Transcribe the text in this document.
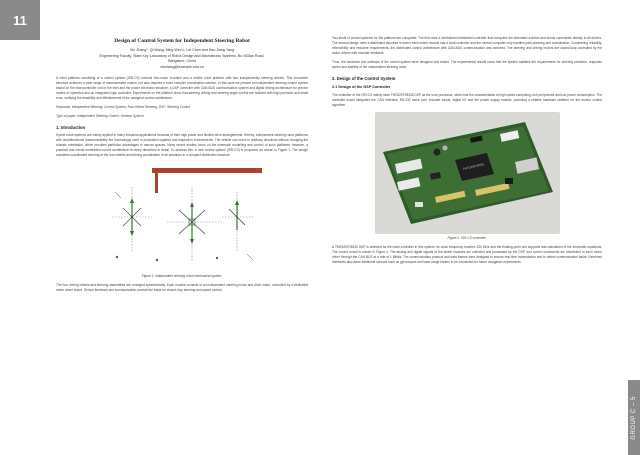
11
GROUP C – 5
Design of Control System for Independent Steering Robot
Xin Zhang*, Qi Wang, Ming Wei Li, Lei Chen and Hao Jiang Yang
Engineering Faculty, State Key Laboratory of Robot Design and Mechatronic Systems, Bo XiDian Road,
Bangalore, China
xinzhang@example.edu.cn

A robot platform consisting of a control system (ISR-CS) controls four-motor in-wheel and a mobile robot platform with four independently steering wheels. This innovative structure achieves a wide range of maneuverable motion, but also requires a more complex coordination solution. In this work we present an independent steering control system based on the microcontroller unit of the Intel and the power electronic structure; a DSP controller with CAN-BUS communication system and digital driving architecture for precise modes of operation and an integrated logic controller. Experiments on the platform show that steering driving and steering angle control are realized with high precision and small error, verifying the feasibility and effectiveness of the designed control architecture.

Keywords: Independent Steering; Control System; Four-Wheel Steering; DSP; Steering Control
Type of paper: Independent Steering Control; General System.
1. Introduction

Hybrid robot systems are widely applied in many industrial applications because of their high power and flexible drive arrangements. Hereby, independent steering robot platforms with omnidirectional maneuverability are increasingly used in production logistics and inspection environments. The vehicle can move in arbitrary directions without changing the chassis orientation, which provides particular advantages in narrow spaces. Many recent studies focus on the kinematic modelling and control of such platforms; however, a practical and robust embedded control architecture is rarely described in detail. To address this, a new control system (ISR-CS) is proposed, as shown in Figure 1. The design considers coordinated steering of the four wheels and driving coordination of all actuators in a compact distributed structure.

Figure 1. Independent steering robot mechanical system.

The four driving wheels and steering assemblies are arranged symmetrically. Each module consists of an independent steering motor and drive motor, controlled by a dedicated motor driver board. Sensor feedback and communication provide the basis for closed-loop steering and speed control.

Two kinds of control systems for the platform are compared. The first uses a centralized embedded controller that computes the kinematic solution and sends commands directly to all drivers. The second design uses a distributed structure in which each wheel module has a local controller and the central computer only handles path planning and coordination. Considering reliability, extensibility and real-time requirements, the distributed control architecture with CAN-BUS communication was selected. The steering and driving motors are closed-loop controlled by the motor drivers with encoder feedback.

Thus, the hardware and software of the control system were designed and tested. The experimental results show that the system satisfies the requirements for steering precision, response speed and stability of the independent steering robot.

2. Design of the Control System
2.1 Design of the DSP Controller

The controller of the ISR-CS mainly uses TMS320F28335 DSP as the core processor, which has the characteristics of high speed computing, rich peripherals and low power consumption. The controller board integrates the CAN interface, RS-232 serial port, encoder inputs, digital I/O and the power supply module, providing a reliable hardware platform for the motion control algorithm.

TMS320F28335
Figure 2. ISR-CS controller.

A TMS320F28335 DSP is selected as the main controller in this system, its clock frequency reaches 150 MHz and the floating-point unit supports fast calculation of the kinematic equations. The control board is shown in Figure 2. The analog and digital signals of the wheel modules are collected and processed by the DSP, and control commands are distributed to each motor driver through the CAN-BUS at a rate of 1 Mbit/s. The communication protocol and data frames were designed to ensure real-time transmission and to detect communication faults. Reserved interfaces also allow additional sensors such as gyroscopes and laser range finders to be connected for future navigation experiments.
